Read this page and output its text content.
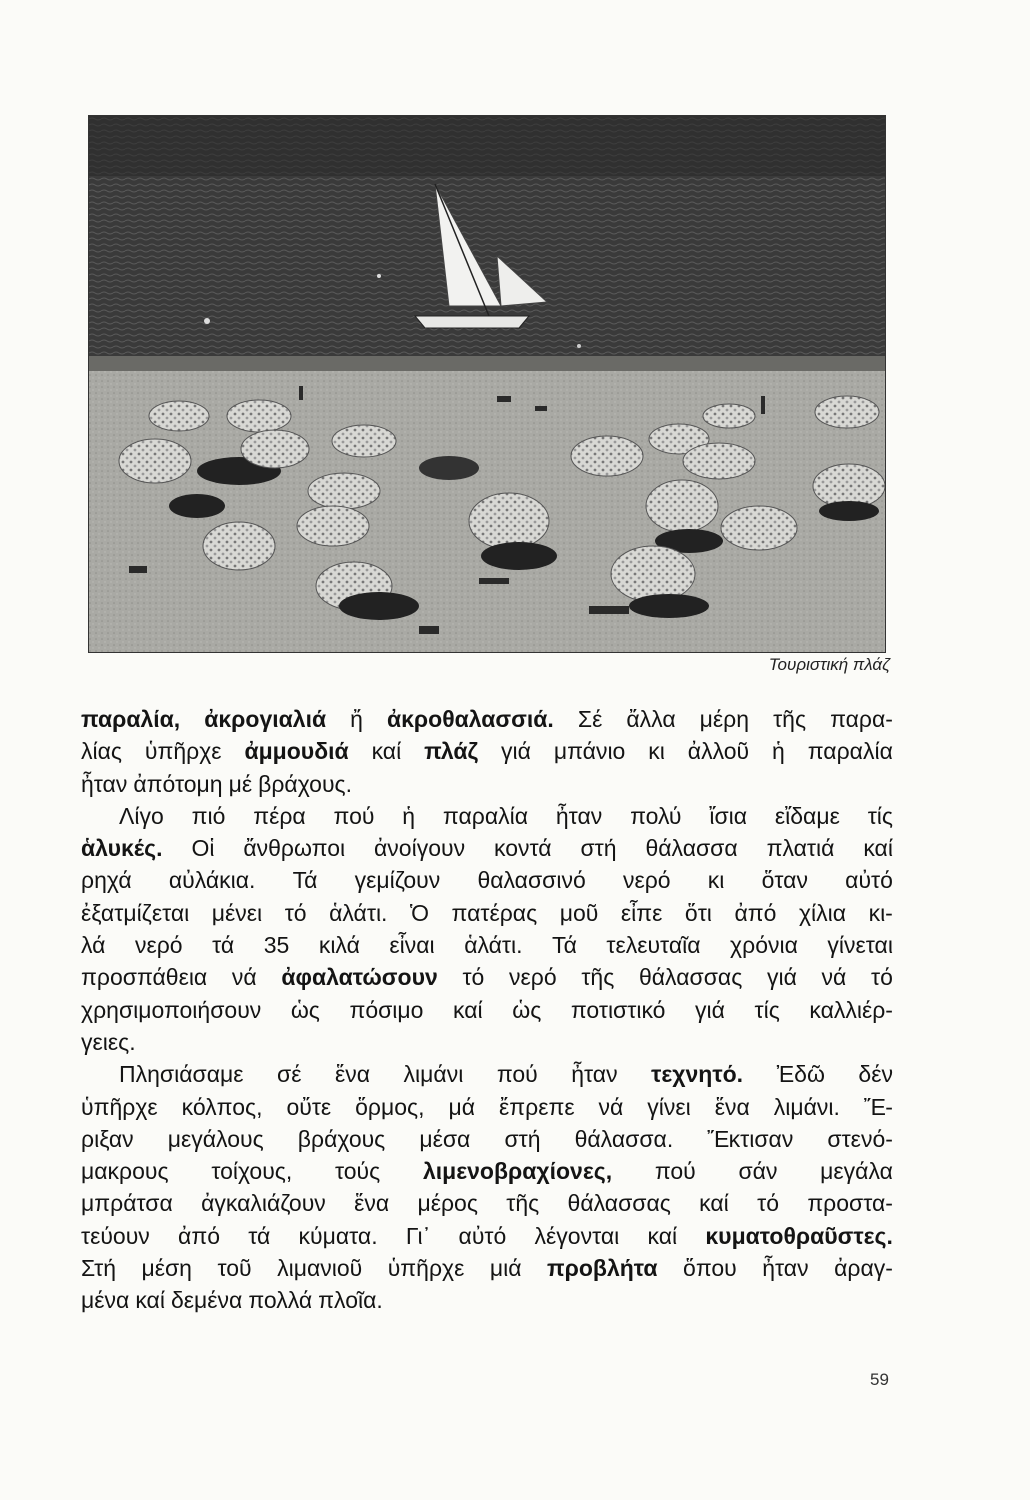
Τουριστική πλάζ
παραλία, ἀκρογιαλιά ἤ ἀκροθαλασσιά. Σέ ἄλλα μέρη τῆς παρα-
λίας ὑπῆρχε ἀμμουδιά καί πλάζ γιά μπάνιο κι ἀλλοῦ ἡ παραλία
ἦταν ἀπότομη μέ βράχους.
Λίγο πιό πέρα πού ἡ παραλία ἦταν πολύ ἴσια εἴδαμε τίς
ἁλυκές. Οἱ ἄνθρωποι ἀνοίγουν κοντά στή θάλασσα πλατιά καί
ρηχά αὐλάκια. Τά γεμίζουν θαλασσινό νερό κι ὅταν αὐτό
ἐξατμίζεται μένει τό ἁλάτι. Ὁ πατέρας μοῦ εἶπε ὅτι ἀπό χίλια κι-
λά νερό τά 35 κιλά εἶναι ἁλάτι. Τά τελευταῖα χρόνια γίνεται
προσπάθεια νά ἀφαλατώσουν τό νερό τῆς θάλασσας γιά νά τό
χρησιμοποιήσουν ὡς πόσιμο καί ὡς ποτιστικό γιά τίς καλλιέρ-
γειες.
Πλησιάσαμε σέ ἕνα λιμάνι πού ἦταν τεχνητό. Ἐδῶ δέν
ὑπῆρχε κόλπος, οὔτε ὅρμος, μά ἔπρεπε νά γίνει ἕνα λιμάνι. Ἔ-
ριξαν μεγάλους βράχους μέσα στή θάλασσα. Ἔκτισαν στενό-
μακρους τοίχους, τούς λιμενοβραχίονες, πού σάν μεγάλα
μπράτσα ἀγκαλιάζουν ἕνα μέρος τῆς θάλασσας καί τό προστα-
τεύουν ἀπό τά κύματα. Γι᾿ αὐτό λέγονται καί κυματοθραῦστες.
Στή μέση τοῦ λιμανιοῦ ὑπῆρχε μιά προβλήτα ὅπου ἦταν ἀραγ-
μένα καί δεμένα πολλά πλοῖα.
59
